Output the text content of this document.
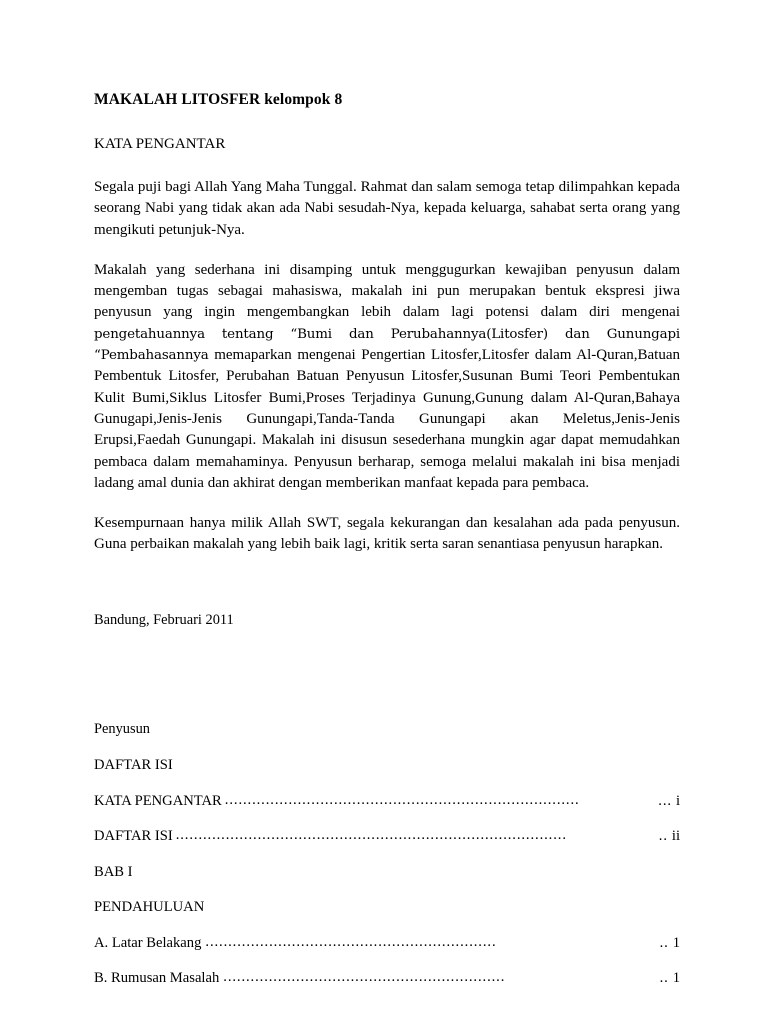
MAKALAH LITOSFER kelompok 8
KATA PENGANTAR

Segala puji bagi Allah Yang Maha Tunggal. Rahmat dan salam semoga tetap dilimpahkan kepada seorang Nabi yang tidak akan ada Nabi sesudah-Nya, kepada keluarga, sahabat serta orang yang mengikuti petunjuk-Nya.

Makalah yang sederhana ini disamping untuk menggugurkan kewajiban penyusun dalam mengemban tugas sebagai mahasiswa, makalah ini pun merupakan bentuk ekspresi jiwa penyusun yang ingin mengembangkan lebih dalam lagi potensi dalam diri mengenai pengetahuannya tentang “Bumi dan Perubahannya(Litosfer) dan Gunungapi “Pembahasannya memaparkan mengenai Pengertian Litosfer,Litosfer dalam Al-Quran,Batuan Pembentuk Litosfer, Perubahan Batuan Penyusun Litosfer,Susunan Bumi Teori Pembentukan Kulit Bumi,Siklus Litosfer Bumi,Proses Terjadinya Gunung,Gunung dalam Al-Quran,Bahaya Gunugapi,Jenis-Jenis Gunungapi,Tanda-Tanda Gunungapi akan Meletus,Jenis-Jenis Erupsi,Faedah Gunungapi. Makalah ini disusun sesederhana mungkin agar dapat memudahkan pembaca dalam memahaminya. Penyusun berharap, semoga melalui makalah ini bisa menjadi ladang amal dunia dan akhirat dengan memberikan manfaat kepada para pembaca.

Kesempurnaan hanya milik Allah SWT, segala kekurangan dan kesalahan ada pada penyusun. Guna perbaikan makalah yang lebih baik lagi, kritik serta saran senantiasa penyusun harapkan.

Bandung, Februari 2011
Penyusun
DAFTAR ISI
KATA PENGANTAR ..............................................................................	... i
DAFTAR ISI ......................................................................................	.. ii
BAB I
PENDAHULUAN
A. Latar Belakang ................................................................	.. 1
B. Rumusan Masalah ..............................................................	.. 1
